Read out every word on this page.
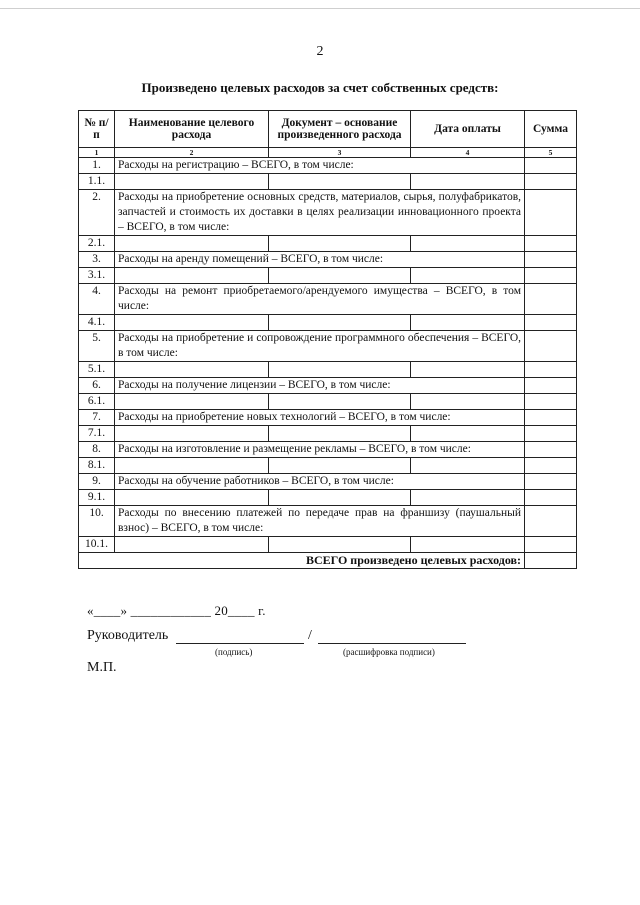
2
Произведено целевых расходов за счет собственных средств:
№ п/п	Наименование целевого расхода	Документ – основание произведенного расхода	Дата оплаты	Сумма
1	2	3	4	5
1.	Расходы на регистрацию – ВСЕГО, в том числе:			
1.1.				
2.	Расходы на приобретение основных средств, материалов, сырья, полуфабрикатов, запчастей и стоимость их доставки в целях реализации инновационного проекта – ВСЕГО, в том числе:			
2.1.				
3.	Расходы на аренду помещений – ВСЕГО, в том числе:			
3.1.				
4.	Расходы на ремонт приобретаемого/арендуемого имущества – ВСЕГО, в том числе:			
4.1.				
5.	Расходы на приобретение и сопровождение программного обеспечения – ВСЕГО, в том числе:			
5.1.				
6.	Расходы на получение лицензии – ВСЕГО, в том числе:			
6.1.				
7.	Расходы на приобретение новых технологий – ВСЕГО, в том числе:			
7.1.				
8.	Расходы на изготовление и размещение рекламы – ВСЕГО, в том числе:			
8.1.				
9.	Расходы на обучение работников – ВСЕГО, в том числе:			
9.1.				
10.	Расходы по внесению платежей по передаче прав на франшизу (паушальный взнос) – ВСЕГО, в том числе:			
10.1.				
ВСЕГО произведено целевых расходов:				
«____» ____________ 20____ г.
Руководитель	/
(подпись)	(расшифровка подписи)
М.П.
